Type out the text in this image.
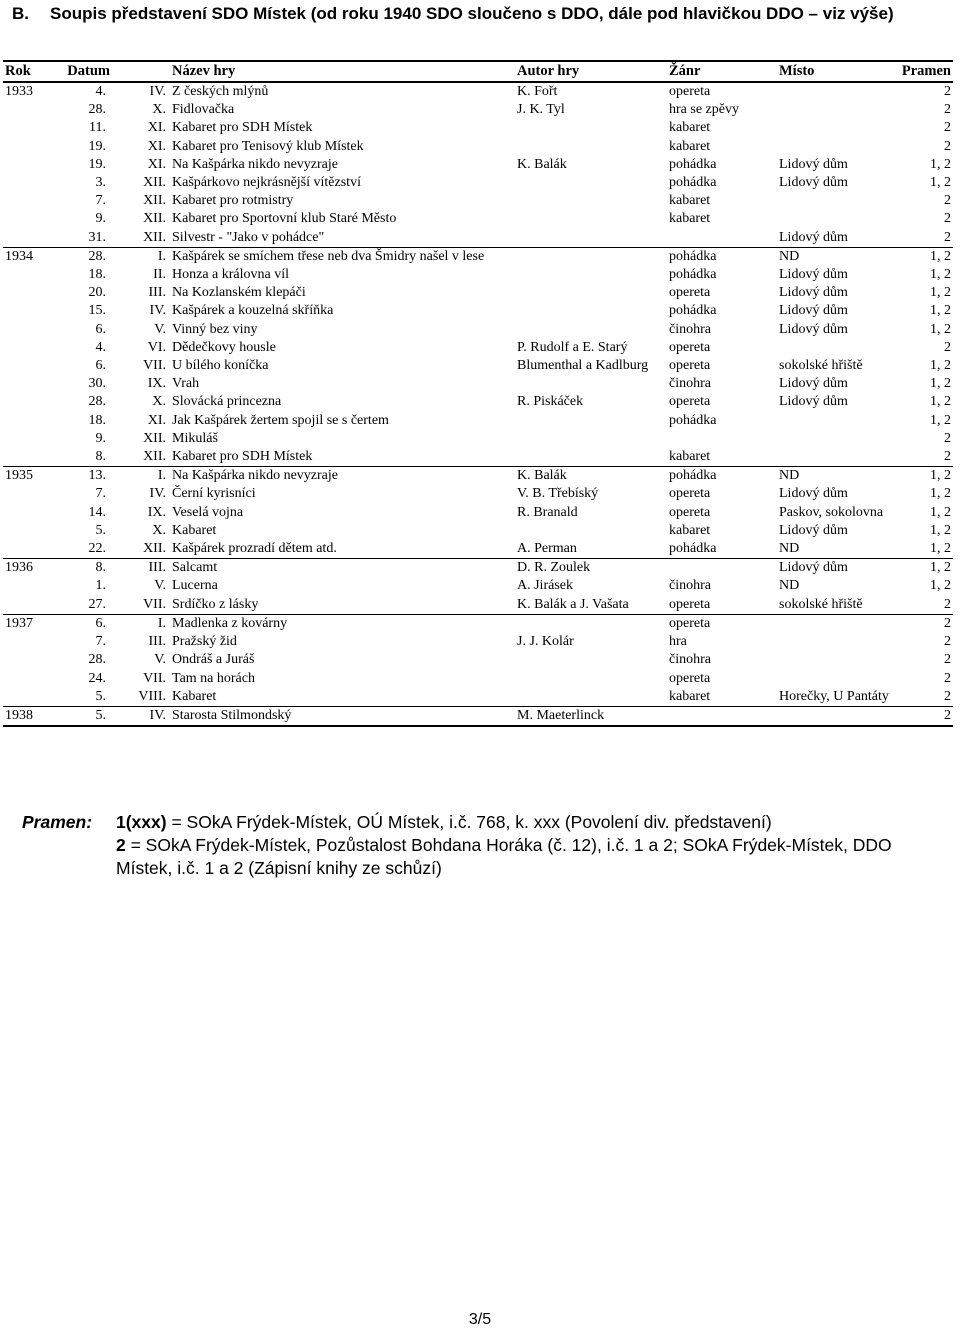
B.	Soupis představení SDO Místek (od roku 1940 SDO sloučeno s DDO, dále pod hlavičkou DDO – viz výše)
Rok	Datum		Název hry	Autor hry	Žánr	Místo	Pramen
1933	4.	IV.	Z českých mlýnů	K. Fořt	opereta		2
	28.	X.	Fidlovačka	J. K. Tyl	hra se zpěvy		2
	11.	XI.	Kabaret pro SDH Místek		kabaret		2
	19.	XI.	Kabaret pro Tenisový klub Místek		kabaret		2
	19.	XI.	Na Kašpárka nikdo nevyzraje	K. Balák	pohádka	Lidový dům	1, 2
	3.	XII.	Kašpárkovo nejkrásnější vítězství		pohádka	Lidový dům	1, 2
	7.	XII.	Kabaret pro rotmistry		kabaret		2
	9.	XII.	Kabaret pro Sportovní klub Staré Město		kabaret		2
	31.	XII.	Silvestr - "Jako v pohádce"			Lidový dům	2
1934	28.	I.	Kašpárek se smíchem třese neb dva Šmidry našel v lese		pohádka	ND	1, 2
	18.	II.	Honza a královna víl		pohádka	Lidový dům	1, 2
	20.	III.	Na Kozlanském klepáči		opereta	Lidový dům	1, 2
	15.	IV.	Kašpárek a kouzelná skříňka		pohádka	Lidový dům	1, 2
	6.	V.	Vinný bez viny		činohra	Lidový dům	1, 2
	4.	VI.	Dědečkovy housle	P. Rudolf a E. Starý	opereta		2
	6.	VII.	U bílého koníčka	Blumenthal a Kadlburg	opereta	sokolské hřiště	1, 2
	30.	IX.	Vrah		činohra	Lidový dům	1, 2
	28.	X.	Slovácká princezna	R. Piskáček	opereta	Lidový dům	1, 2
	18.	XI.	Jak Kašpárek žertem spojil se s čertem		pohádka		1, 2
	9.	XII.	Mikuláš				2
	8.	XII.	Kabaret pro SDH Místek		kabaret		2
1935	13.	I.	Na Kašpárka nikdo nevyzraje	K. Balák	pohádka	ND	1, 2
	7.	IV.	Černí kyrisníci	V. B. Třebíský	opereta	Lidový dům	1, 2
	14.	IX.	Veselá vojna	R. Branald	opereta	Paskov, sokolovna	1, 2
	5.	X.	Kabaret		kabaret	Lidový dům	1, 2
	22.	XII.	Kašpárek prozradí dětem atd.	A. Perman	pohádka	ND	1, 2
1936	8.	III.	Salcamt	D. R. Zoulek		Lidový dům	1, 2
	1.	V.	Lucerna	A. Jirásek	činohra	ND	1, 2
	27.	VII.	Srdíčko z lásky	K. Balák a J. Vašata	opereta	sokolské hřiště	2
1937	6.	I.	Madlenka z kovárny		opereta		2
	7.	III.	Pražský žid	J. J. Kolár	hra		2
	28.	V.	Ondráš a Juráš		činohra		2
	24.	VII.	Tam na horách		opereta		2
	5.	VIII.	Kabaret		kabaret	Horečky, U Pantáty	2
1938	5.	IV.	Starosta Stilmondský	M. Maeterlinck			2
Pramen:	1(xxx) = SOkA Frýdek-Místek, OÚ Místek, i.č. 768, k. xxx (Povolení div. představení)
2 = SOkA Frýdek-Místek, Pozůstalost Bohdana Horáka (č. 12), i.č. 1 a 2; SOkA Frýdek-Místek, DDO Místek, i.č. 1 a 2 (Zápisní knihy ze schůzí)
3/5
